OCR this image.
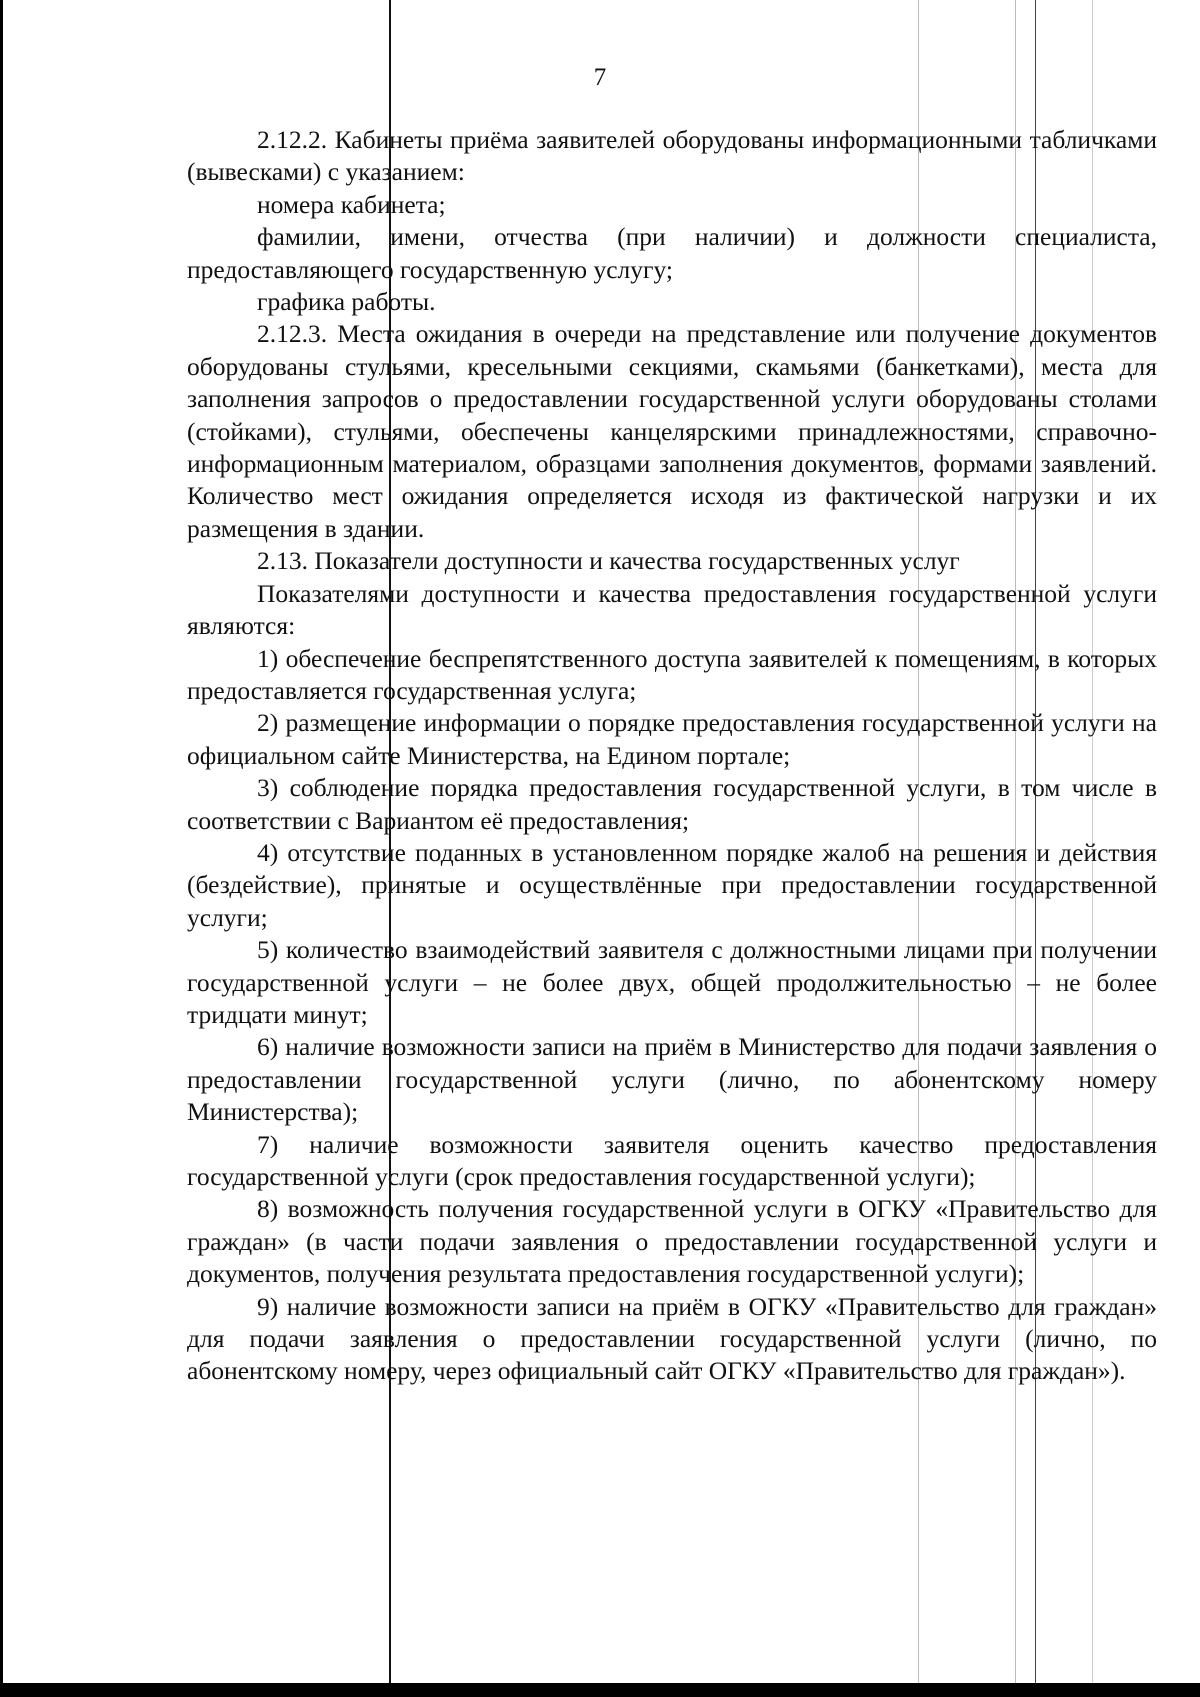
7

2.12.2. Кабинеты приёма заявителей оборудованы информационными табличками (вывесками) с указанием:

номера кабинета;

фамилии, имени, отчества (при наличии) и должности специалиста, предоставляющего государственную услугу;

графика работы.

2.12.3. Места ожидания в очереди на представление или получение документов оборудованы стульями, кресельными секциями, скамьями (банкетками), места для заполнения запросов о предоставлении государственной услуги оборудованы столами (стойками), стульями, обеспечены канцелярскими принадлежностями, справочно-информационным материалом, образцами заполнения документов, формами заявлений. Количество мест ожидания определяется исходя из фактической нагрузки и их размещения в здании.

2.13. Показатели доступности и качества государственных услуг

Показателями доступности и качества предоставления государственной услуги являются:

1) обеспечение беспрепятственного доступа заявителей к помещениям, в которых предоставляется государственная услуга;

2) размещение информации о порядке предоставления государственной услуги на официальном сайте Министерства, на Едином портале;

3) соблюдение порядка предоставления государственной услуги, в том числе в соответствии с Вариантом её предоставления;

4) отсутствие поданных в установленном порядке жалоб на решения и действия (бездействие), принятые и осуществлённые при предоставлении государственной услуги;

5) количество взаимодействий заявителя с должностными лицами при получении государственной услуги – не более двух, общей продолжительностью – не более тридцати минут;

6) наличие возможности записи на приём в Министерство для подачи заявления о предоставлении государственной услуги (лично, по абонентскому номеру Министерства);

7) наличие возможности заявителя оценить качество предоставления государственной услуги (срок предоставления государственной услуги);

8) возможность получения государственной услуги в ОГКУ «Правительство для граждан» (в части подачи заявления о предоставлении государственной услуги и документов, получения результата предоставления государственной услуги);

9) наличие возможности записи на приём в ОГКУ «Правительство для граждан» для подачи заявления о предоставлении государственной услуги (лично, по абонентскому номеру, через официальный сайт ОГКУ «Правительство для граждан»).
